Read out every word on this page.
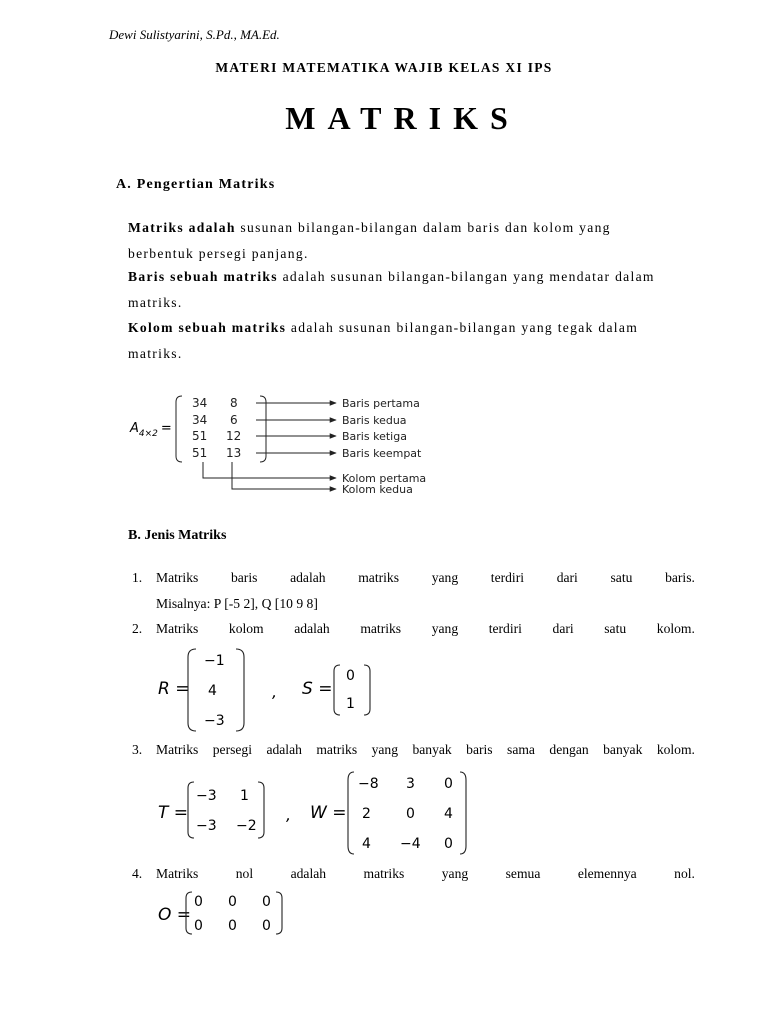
Dewi Sulistyarini, S.Pd., MA.Ed.
MATERI MATEMATIKA WAJIB KELAS XI IPS
MATRIKS
A. Pengertian Matriks
Matriks adalah susunan bilangan-bilangan dalam baris dan kolom yang berbentuk persegi panjang.
Baris sebuah matriks adalah susunan bilangan-bilangan yang mendatar dalam matriks.
Kolom sebuah matriks adalah susunan bilangan-bilangan yang tegak dalam matriks.
$A_{4\times 2}$ =
34 8
34 6
51 12
51 13
Baris pertama
Baris kedua
Baris ketiga
Baris keempat
Kolom pertama
Kolom kedua
B. Jenis Matriks
1. Matriks baris adalah matriks yang terdiri dari satu baris.
Misalnya: P [-5 2], Q [10 9 8]
2. Matriks kolom adalah matriks yang terdiri dari satu kolom.
R =
−1
4
−3
, S =
0
1
3. Matriks persegi adalah matriks yang banyak baris sama dengan banyak kolom.
T =
−3 1
−3 −2
, W =
−8 3 0
2	0 4
4 −4 0
4. Matriks	nol	adalah	matriks	yang	semua	elemennya	nol.
O =
0 0 0
0 0 0
